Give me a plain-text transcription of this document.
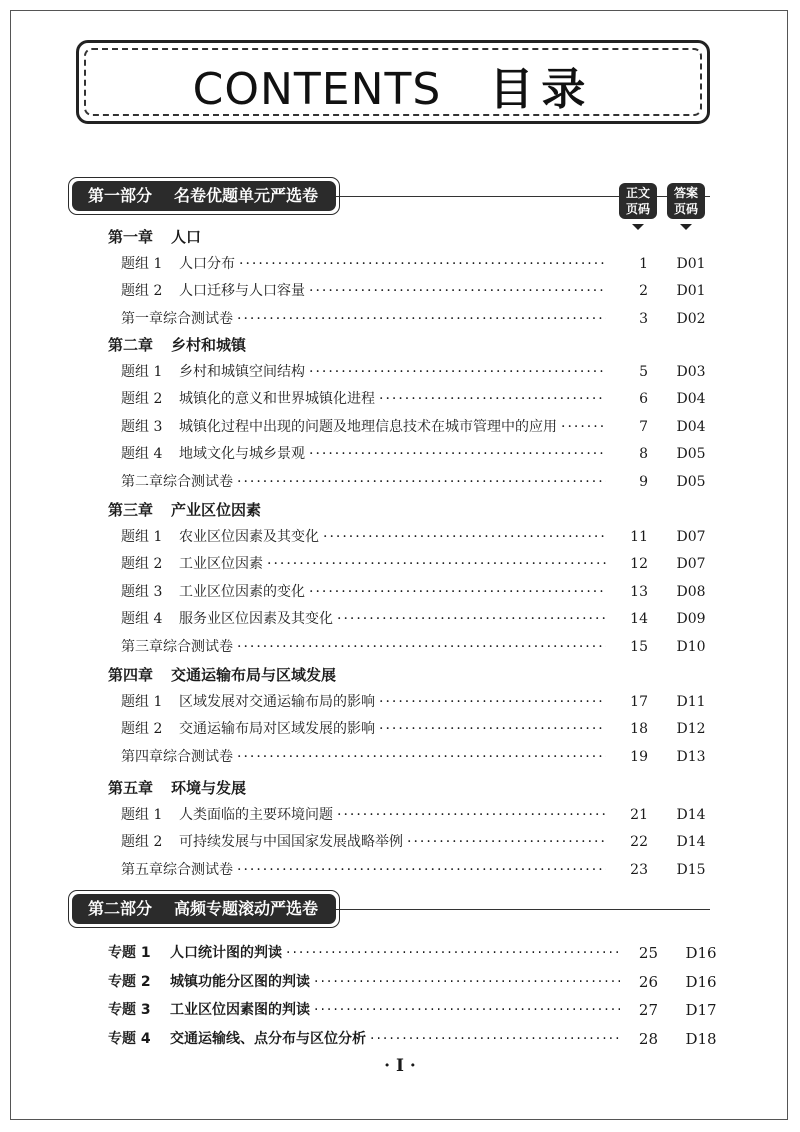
CONTENTS 目录
第一部分 名卷优题单元严选卷	正文
页码
答案
页码
第一章 人口
题组 1	人口分布 ·····	1	D01
题组 2	人口迁移与人口容量 ·····	2	D01
第一章综合测试卷 ·····	3	D02
第二章 乡村和城镇
题组 1	乡村和城镇空间结构 ·····	5	D03
题组 2	城镇化的意义和世界城镇化进程 ·····	6	D04
题组 3	城镇化过程中出现的问题及地理信息技术在城市管理中的应用 ·····	7	D04
题组 4	地域文化与城乡景观 ·····	8	D05
第二章综合测试卷 ·····	9	D05
第三章 产业区位因素
题组 1	农业区位因素及其变化 ·····	11	D07
题组 2	工业区位因素 ·····	12	D07
题组 3	工业区位因素的变化 ·····	13	D08
题组 4	服务业区位因素及其变化 ·····	14	D09
第三章综合测试卷 ·····	15	D10
第四章 交通运输布局与区域发展
题组 1	区域发展对交通运输布局的影响 ·····	17	D11
题组 2	交通运输布局对区域发展的影响 ·····	18	D12
第四章综合测试卷 ·····	19	D13
第五章 环境与发展
题组 1	人类面临的主要环境问题 ·····	21	D14
题组 2	可持续发展与中国国家发展战略举例 ·····	22	D14
第五章综合测试卷 ·····	23	D15
第二部分 高频专题滚动严选卷
专题 1	人口统计图的判读 ·····	25	D16
专题 2	城镇功能分区图的判读 ·····	26	D16
专题 3	工业区位因素图的判读 ·····	27	D17
专题 4	交通运输线、点分布与区位分析 ·····	28	D18
· I ·
